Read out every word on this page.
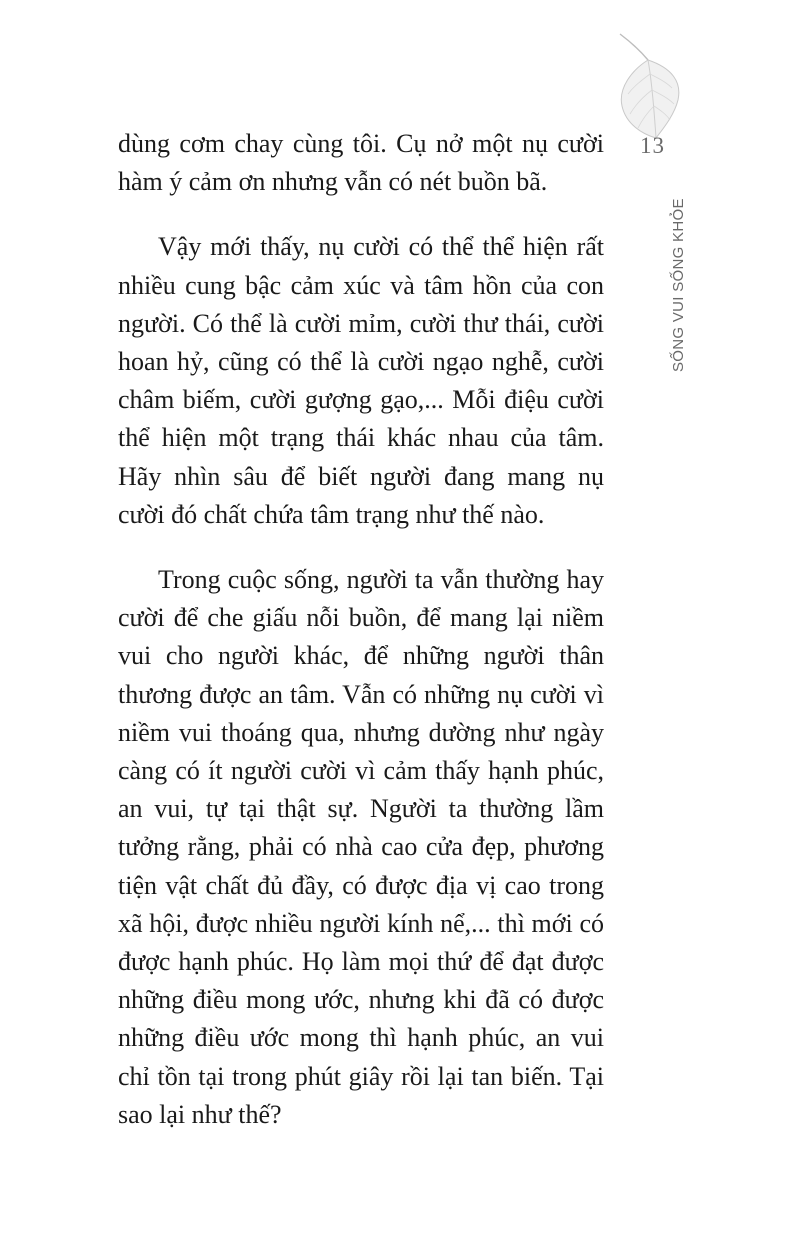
13
SỐNG VUI SỐNG KHỎE

dùng cơm chay cùng tôi. Cụ nở một nụ cười hàm ý cảm ơn nhưng vẫn có nét buồn bã.

Vậy mới thấy, nụ cười có thể thể hiện rất nhiều cung bậc cảm xúc và tâm hồn của con người. Có thể là cười mỉm, cười thư thái, cười hoan hỷ, cũng có thể là cười ngạo nghễ, cười châm biếm, cười gượng gạo,... Mỗi điệu cười thể hiện một trạng thái khác nhau của tâm. Hãy nhìn sâu để biết người đang mang nụ cười đó chất chứa tâm trạng như thế nào.

Trong cuộc sống, người ta vẫn thường hay cười để che giấu nỗi buồn, để mang lại niềm vui cho người khác, để những người thân thương được an tâm. Vẫn có những nụ cười vì niềm vui thoáng qua, nhưng dường như ngày càng có ít người cười vì cảm thấy hạnh phúc, an vui, tự tại thật sự. Người ta thường lầm tưởng rằng, phải có nhà cao cửa đẹp, phương tiện vật chất đủ đầy, có được địa vị cao trong xã hội, được nhiều người kính nể,... thì mới có được hạnh phúc. Họ làm mọi thứ để đạt được những điều mong ước, nhưng khi đã có được những điều ước mong thì hạnh phúc, an vui chỉ tồn tại trong phút giây rồi lại tan biến. Tại sao lại như thế?
